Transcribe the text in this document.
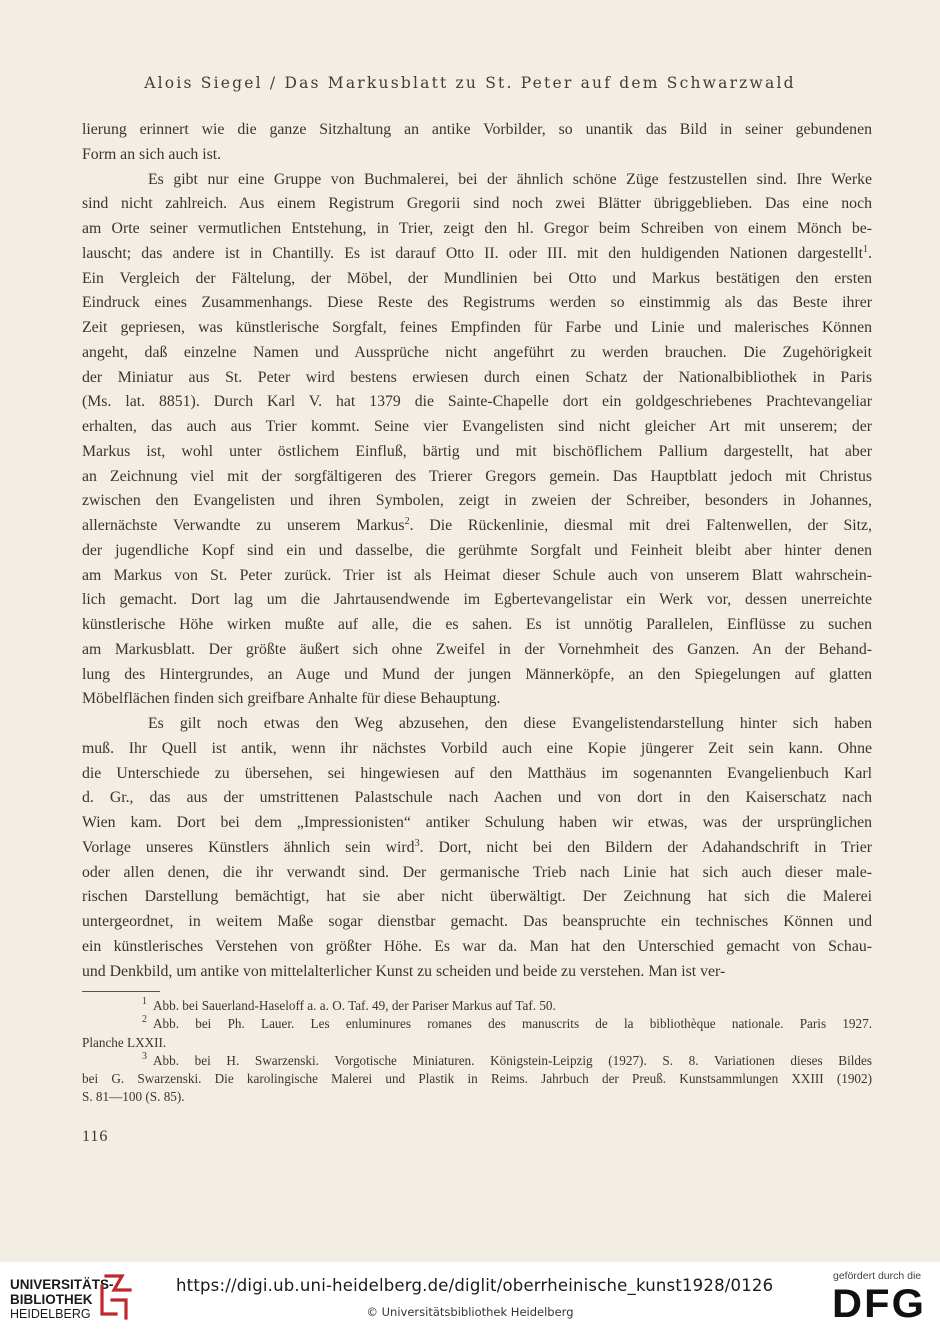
Alois Siegel / Das Markusblatt zu St. Peter auf dem Schwarzwald
lierung erinnert wie die ganze Sitzhaltung an antike Vorbilder, so unantik das Bild in seiner gebundenen
Form an sich auch ist.
Es gibt nur eine Gruppe von Buchmalerei, bei der ähnlich schöne Züge festzustellen sind. Ihre Werke
sind nicht zahlreich. Aus einem Registrum Gregorii sind noch zwei Blätter übriggeblieben. Das eine noch
am Orte seiner vermutlichen Entstehung, in Trier, zeigt den hl. Gregor beim Schreiben von einem Mönch be-
lauscht; das andere ist in Chantilly. Es ist darauf Otto II. oder III. mit den huldigenden Nationen dargestellt$^1$.
Ein Vergleich der Fältelung, der Möbel, der Mundlinien bei Otto und Markus bestätigen den ersten
Eindruck eines Zusammenhangs. Diese Reste des Registrums werden so einstimmig als das Beste ihrer
Zeit gepriesen, was künstlerische Sorgfalt, feines Empfinden für Farbe und Linie und malerisches Können
angeht, daß einzelne Namen und Aussprüche nicht angeführt zu werden brauchen. Die Zugehörigkeit
der Miniatur aus St. Peter wird bestens erwiesen durch einen Schatz der Nationalbibliothek in Paris
(Ms. lat. 8851). Durch Karl V. hat 1379 die Sainte-Chapelle dort ein goldgeschriebenes Prachtevangeliar
erhalten, das auch aus Trier kommt. Seine vier Evangelisten sind nicht gleicher Art mit unserem; der
Markus ist, wohl unter östlichem Einfluß, bärtig und mit bischöflichem Pallium dargestellt, hat aber
an Zeichnung viel mit der sorgfältigeren des Trierer Gregors gemein. Das Hauptblatt jedoch mit Christus
zwischen den Evangelisten und ihren Symbolen, zeigt in zweien der Schreiber, besonders in Johannes,
allernächste Verwandte zu unserem Markus$^2$. Die Rückenlinie, diesmal mit drei Faltenwellen, der Sitz,
der jugendliche Kopf sind ein und dasselbe, die gerühmte Sorgfalt und Feinheit bleibt aber hinter denen
am Markus von St. Peter zurück. Trier ist als Heimat dieser Schule auch von unserem Blatt wahrschein-
lich gemacht. Dort lag um die Jahrtausendwende im Egbertevangelistar ein Werk vor, dessen unerreichte
künstlerische Höhe wirken mußte auf alle, die es sahen. Es ist unnötig Parallelen, Einflüsse zu suchen
am Markusblatt. Der größte äußert sich ohne Zweifel in der Vornehmheit des Ganzen. An der Behand-
lung des Hintergrundes, an Auge und Mund der jungen Männerköpfe, an den Spiegelungen auf glatten
Möbelflächen finden sich greifbare Anhalte für diese Behauptung.
Es gilt noch etwas den Weg abzusehen, den diese Evangelistendarstellung hinter sich haben
muß. Ihr Quell ist antik, wenn ihr nächstes Vorbild auch eine Kopie jüngerer Zeit sein kann. Ohne
die Unterschiede zu übersehen, sei hingewiesen auf den Matthäus im sogenannten Evangelienbuch Karl
d. Gr., das aus der umstrittenen Palastschule nach Aachen und von dort in den Kaiserschatz nach
Wien kam. Dort bei dem „Impressionisten“ antiker Schulung haben wir etwas, was der ursprünglichen
Vorlage unseres Künstlers ähnlich sein wird$^3$. Dort, nicht bei den Bildern der Adahandschrift in Trier
oder allen denen, die ihr verwandt sind. Der germanische Trieb nach Linie hat sich auch dieser male-
rischen Darstellung bemächtigt, hat sie aber nicht überwältigt. Der Zeichnung hat sich die Malerei
untergeordnet, in weitem Maße sogar dienstbar gemacht. Das beanspruchte ein technisches Können und
ein künstlerisches Verstehen von größter Höhe. Es war da. Man hat den Unterschied gemacht von Schau-
und Denkbild, um antike von mittelalterlicher Kunst zu scheiden und beide zu verstehen. Man ist ver-
$^1$ Abb. bei Sauerland-Haseloff a. a. O. Taf. 49, der Pariser Markus auf Taf. 50.
$^2$ Abb. bei Ph. Lauer. Les enluminures romanes des manuscrits de la bibliothèque nationale. Paris 1927.
Planche LXXII.
$^3$ Abb. bei H. Swarzenski. Vorgotische Miniaturen. Königstein-Leipzig (1927). S. 8. Variationen dieses Bildes
bei G. Swarzenski. Die karolingische Malerei und Plastik in Reims. Jahrbuch der Preuß. Kunstsammlungen XXIII (1902)
S. 81—100 (S. 85).
116
UNIVERSITÄTS-
BIBLIOTHEK
HEIDELBERG
https://digi.ub.uni-heidelberg.de/diglit/oberrheinische_kunst1928/0126
© Universitätsbibliothek Heidelberg
gefördert durch die
DFG
